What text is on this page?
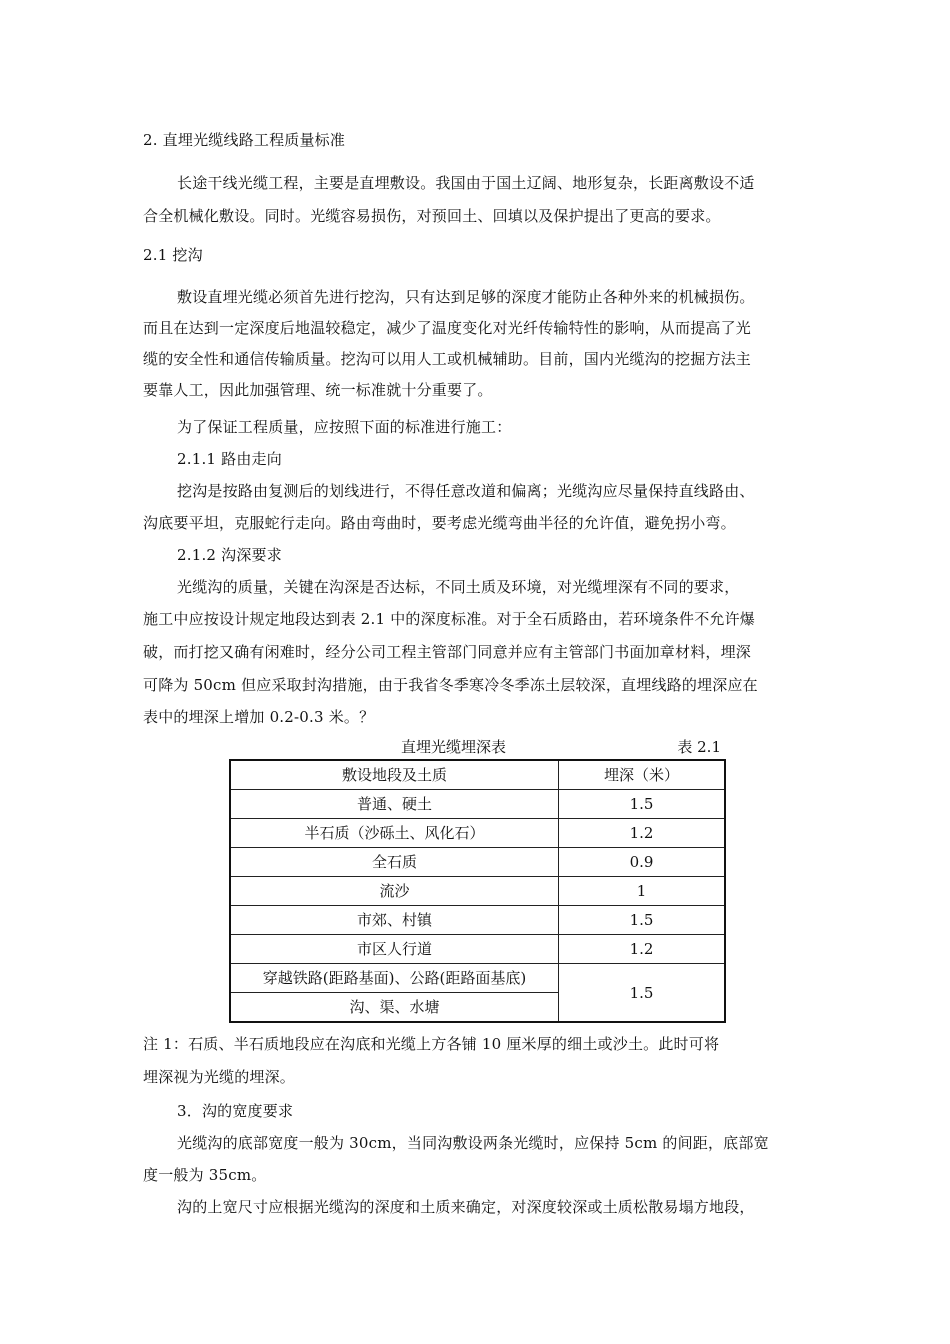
2. 直埋光缆线路工程质量标准
长途干线光缆工程，主要是直埋敷设。我国由于国土辽阔、地形复杂，长距离敷设不适
合全机械化敷设。同时。光缆容易损伤，对预回土、回填以及保护提出了更高的要求。
2.1 挖沟
敷设直埋光缆必须首先进行挖沟，只有达到足够的深度才能防止各种外来的机械损伤。
而且在达到一定深度后地温较稳定，减少了温度变化对光纤传输特性的影响，从而提高了光
缆的安全性和通信传输质量。挖沟可以用人工或机械辅助。目前，国内光缆沟的挖掘方法主
要靠人工，因此加强管理、统一标准就十分重要了。
为了保证工程质量，应按照下面的标准进行施工：
2.1.1 路由走向
挖沟是按路由复测后的划线进行，不得任意改道和偏离；光缆沟应尽量保持直线路由、
沟底要平坦，克服蛇行走向。路由弯曲时，要考虑光缆弯曲半径的允许值，避免拐小弯。
2.1.2 沟深要求
光缆沟的质量，关键在沟深是否达标，不同土质及环境，对光缆埋深有不同的要求，
施工中应按设计规定地段达到表 2.1 中的深度标准。对于全石质路由，若环境条件不允许爆
破，而打挖又确有闲难时，经分公司工程主管部门同意并应有主管部门书面加章材料，埋深
可降为 50cm 但应采取封沟措施，由于我省冬季寒冷冬季冻土层较深，直埋线路的埋深应在
表中的埋深上增加 0.2-0.3 米。？
直埋光缆埋深表	表 2.1
敷设地段及土质	埋深（米）
普通、硬土	1.5
半石质（沙砾土、风化石）	1.2
全石质	0.9
流沙	1
市郊、村镇	1.5
市区人行道	1.2
穿越铁路(距路基面)、公路(距路面基底)	1.5
沟、渠、水塘	
注 1：石质、半石质地段应在沟底和光缆上方各铺 10 厘米厚的细土或沙土。此时可将
埋深视为光缆的埋深。
3．沟的宽度要求
光缆沟的底部宽度一般为 30cm，当同沟敷设两条光缆时，应保持 5cm 的间距，底部宽
度一般为 35cm。
沟的上宽尺寸应根据光缆沟的深度和土质来确定，对深度较深或土质松散易塌方地段，
